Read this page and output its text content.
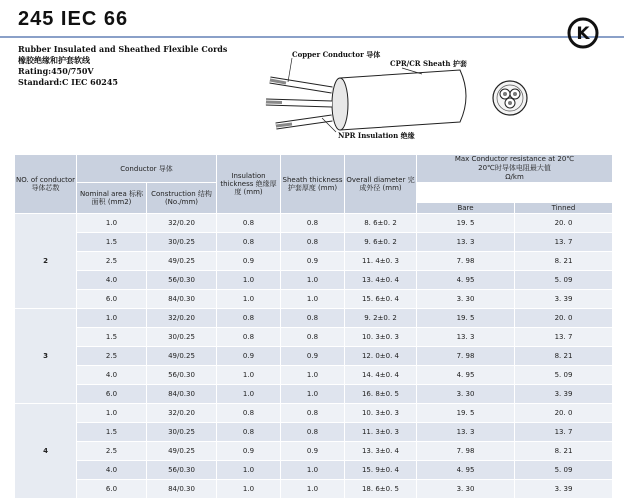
245 IEC 66
K
Rubber Insulated and Sheathed Flexible Cords
橡胶绝缘和护套软线
Rating:450/750V
Standard:C IEC 60245
Copper Conductor 导体
CPR/CR Sheath 护套
NPR Insulation 绝缘
NO. of conductor 导体芯数	Conductor 导体		Insulation thickness 绝缘厚度 (mm)	Sheath thickness 护套厚度 (mm)	Overall diameter 完成外径 (mm)	Max Conductor resistance at 20℃
20℃时导体电阻最大值
Ω/km	

	Nominal area 标称面积 (mm2)	Construction 结构 (No./mm)				
						Bare	Tinned
2	1.0	32/0.20	0.8	0.8	8. 6±0. 2	19. 5	20. 0
	1.5	30/0.25	0.8	0.8	9. 6±0. 2	13. 3	13. 7
	2.5	49/0.25	0.9	0.9	11. 4±0. 3	7. 98	8. 21
	4.0	56/0.30	1.0	1.0	13. 4±0. 4	4. 95	5. 09
	6.0	84/0.30	1.0	1.0	15. 6±0. 4	3. 30	3. 39
3	1.0	32/0.20	0.8	0.8	9. 2±0. 2	19. 5	20. 0
	1.5	30/0.25	0.8	0.8	10. 3±0. 3	13. 3	13. 7
	2.5	49/0.25	0.9	0.9	12. 0±0. 4	7. 98	8. 21
	4.0	56/0.30	1.0	1.0	14. 4±0. 4	4. 95	5. 09
	6.0	84/0.30	1.0	1.0	16. 8±0. 5	3. 30	3. 39
4	1.0	32/0.20	0.8	0.8	10. 3±0. 3	19. 5	20. 0
	1.5	30/0.25	0.8	0.8	11. 3±0. 3	13. 3	13. 7
	2.5	49/0.25	0.9	0.9	13. 3±0. 4	7. 98	8. 21
	4.0	56/0.30	1.0	1.0	15. 9±0. 4	4. 95	5. 09
	6.0	84/0.30	1.0	1.0	18. 6±0. 5	3. 30	3. 39
